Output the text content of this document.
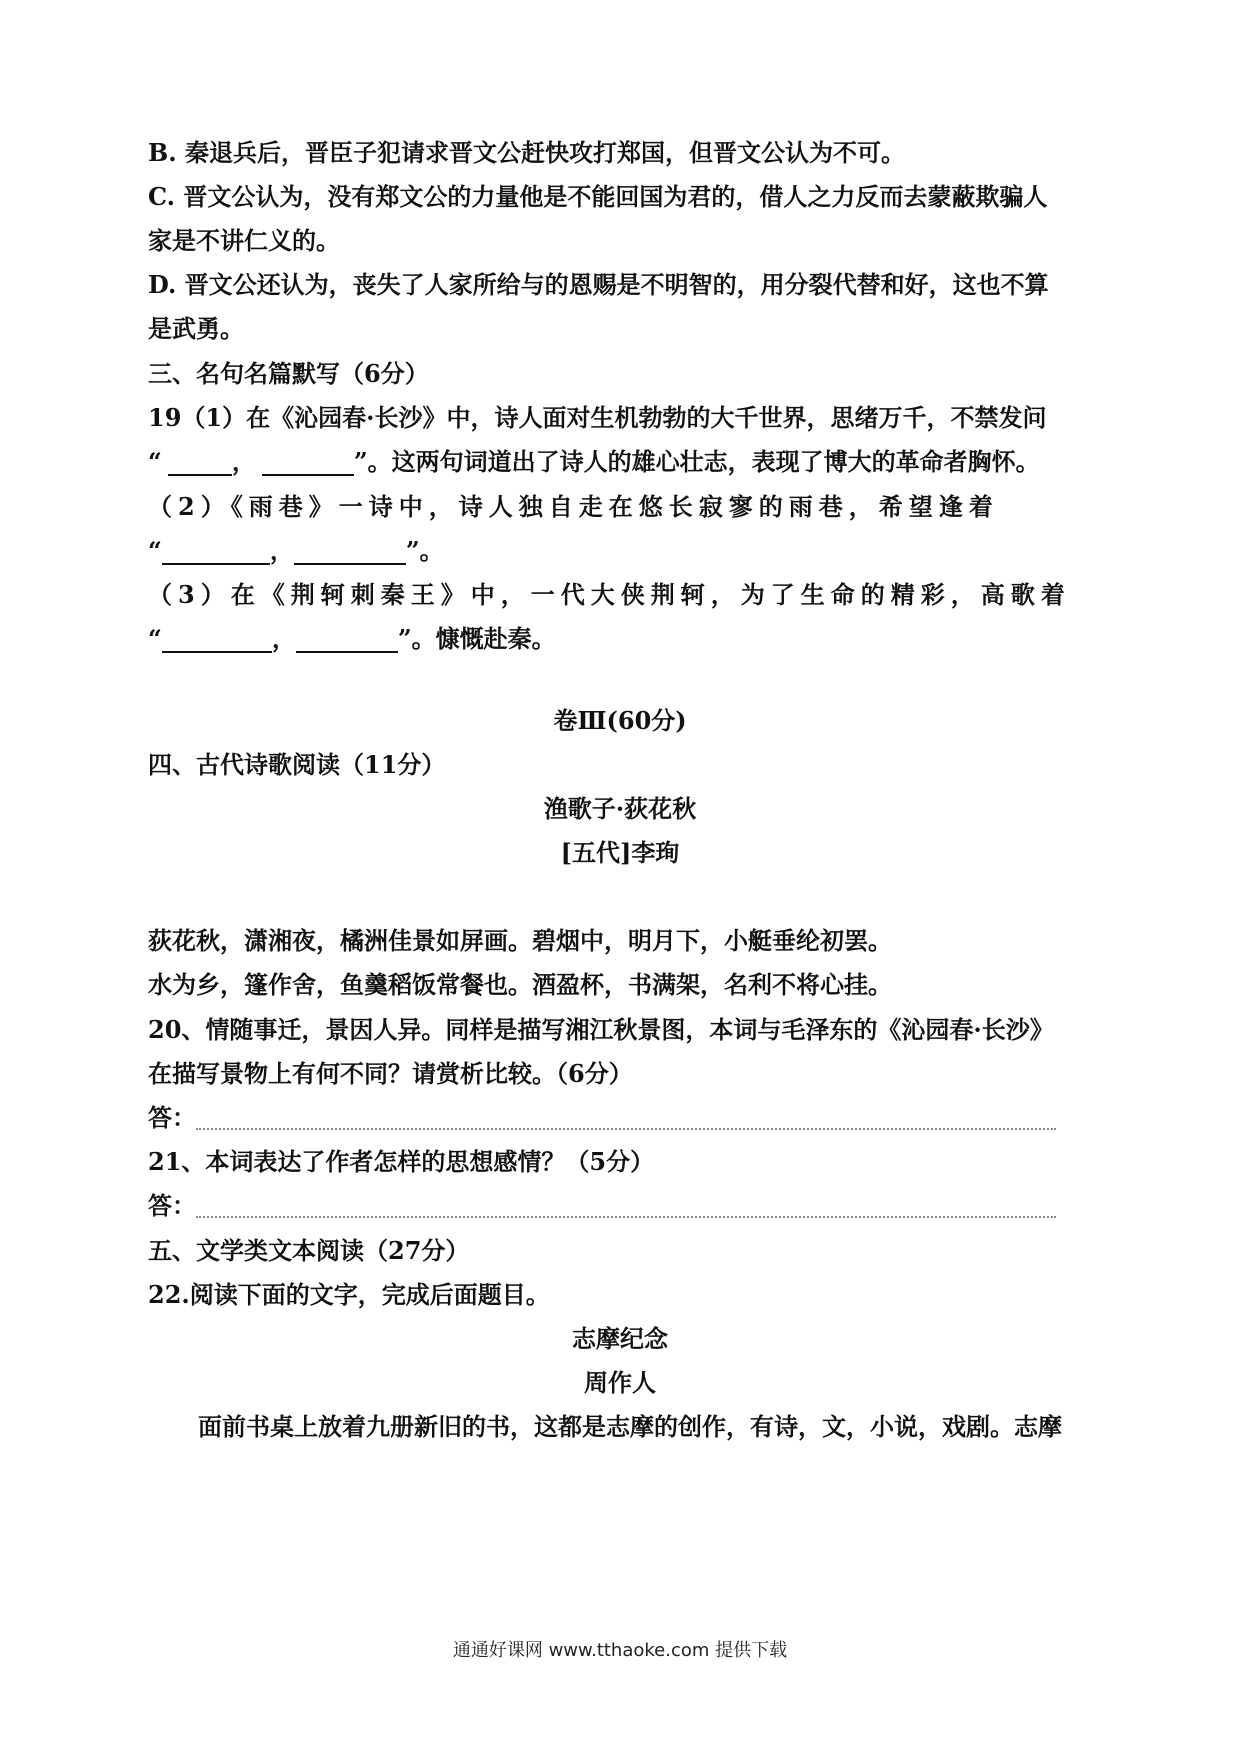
B. 秦退兵后，晋臣子犯请求晋文公赶快攻打郑国，但晋文公认为不可。
C. 晋文公认为，没有郑文公的力量他是不能回国为君的，借人之力反而去蒙蔽欺骗人
家是不讲仁义的。
D. 晋文公还认为，丧失了人家所给与的恩赐是不明智的，用分裂代替和好，这也不算
是武勇。
三、名句名篇默写（6分）
19（1）在《沁园春·长沙》中，诗人面对生机勃勃的大千世界，思绪万千，不禁发问
“	，	”。这两句词道出了诗人的雄心壮志，表现了博大的革命者胸怀。
（2）《雨巷》一诗中，诗人独自走在悠长寂寥的雨巷，希望逢着
“	，	”。
（3）在《荆轲刺秦王》中，一代大侠荆轲，为了生命的精彩，高歌着
“	，	”。慷慨赴秦。
卷Ⅲ(60分)
四、古代诗歌阅读（11分）
渔歌子·荻花秋
[五代]李珣
荻花秋，潇湘夜，橘洲佳景如屏画。碧烟中，明月下，小艇垂纶初罢。
水为乡，篷作舍，鱼羹稻饭常餐也。酒盈杯，书满架，名利不将心挂。
20、情随事迁，景因人异。同样是描写湘江秋景图，本词与毛泽东的《沁园春·长沙》
在描写景物上有何不同？请赏析比较。（6分）
答：
21、本词表达了作者怎样的思想感情？（5分）
答：
五、文学类文本阅读（27分）
22.阅读下面的文字，完成后面题目。
志摩纪念
周作人
面前书桌上放着九册新旧的书，这都是志摩的创作，有诗，文，小说，戏剧。志摩
通通好课网 www.tthaoke.com 提供下载
